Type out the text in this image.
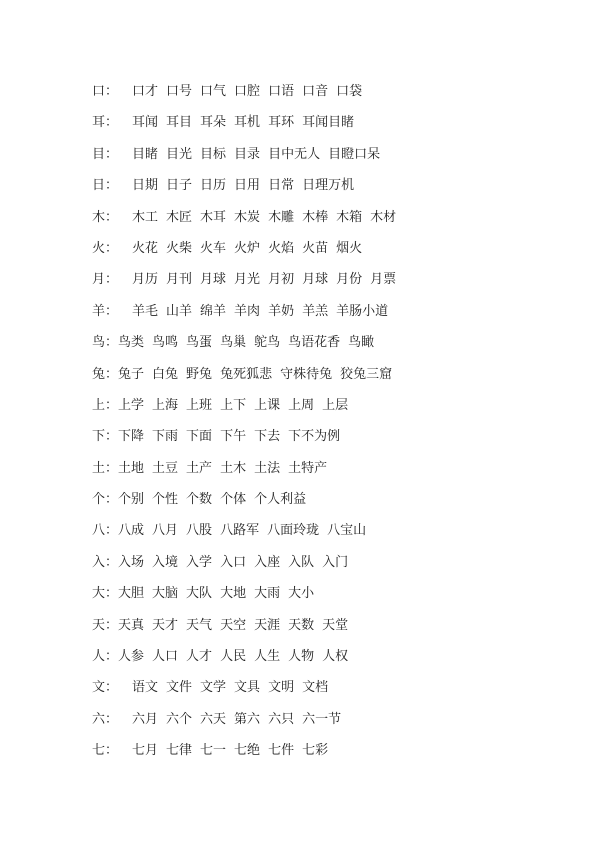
口：	口才 口号 口气 口腔 口语 口音 口袋
耳：	耳闻 耳目 耳朵 耳机 耳环 耳闻目睹
目：	目睹 目光 目标 目录 目中无人 目瞪口呆
日：	日期 日子 日历 日用 日常 日理万机
木：	木工 木匠 木耳 木炭 木雕 木棒 木箱 木材
火：	火花 火柴 火车 火炉 火焰 火苗 烟火
月：	月历 月刊 月球 月光 月初 月球 月份 月票
羊：	羊毛 山羊 绵羊 羊肉 羊奶 羊羔 羊肠小道
鸟： 鸟类 鸟鸣 鸟蛋 鸟巢 鸵鸟 鸟语花香 鸟瞰
兔： 兔子 白兔 野兔 兔死狐悲 守株待兔 狡兔三窟
上： 上学 上海 上班 上下 上课 上周 上层
下： 下降 下雨 下面 下午 下去 下不为例
土： 土地 土豆 土产 土木 土法 土特产
个： 个别 个性 个数 个体 个人利益
八： 八成 八月 八股 八路军 八面玲珑 八宝山
入： 入场 入境 入学 入口 入座 入队 入门
大： 大胆 大脑 大队 大地 大雨 大小
天： 天真 天才 天气 天空 天涯 天数 天堂
人： 人参 人口 人才 人民 人生 人物 人权
文：	语文 文件 文学 文具 文明 文档
六：	六月 六个 六天 第六 六只 六一节
七：	七月 七律 七一 七绝 七件 七彩
